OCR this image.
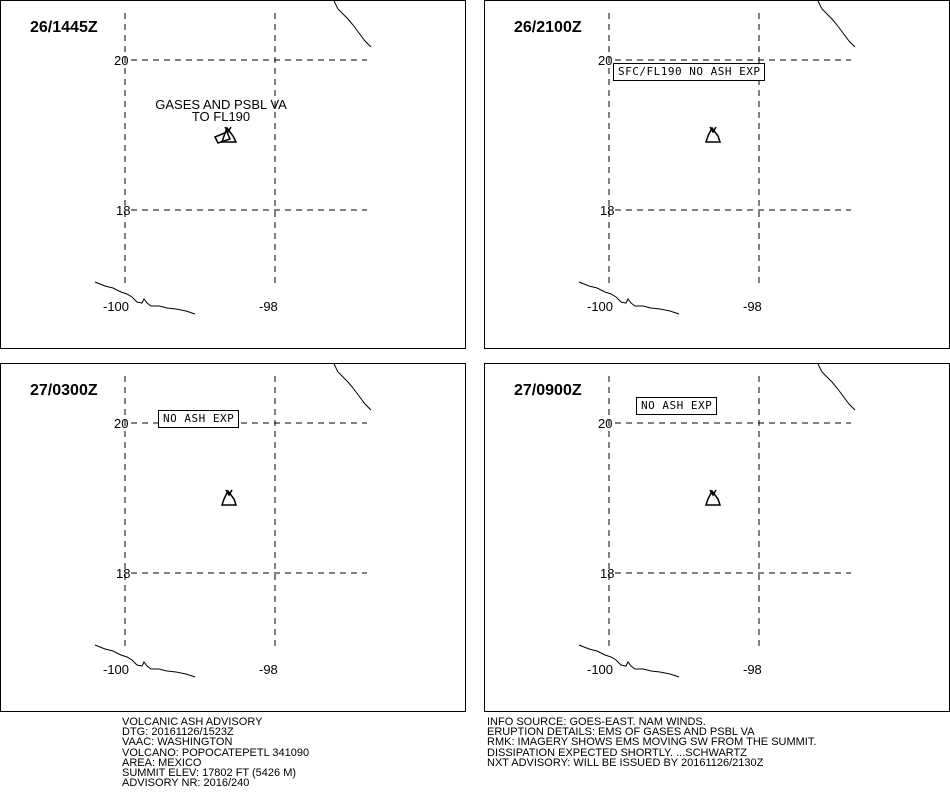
26/1445Z
20
18
-100	-98
GASES AND PSBL VA
TO FL190
26/2100Z
20
18
-100	-98
SFC/FL190 NO ASH EXP
27/0300Z
20
18
-100	-98
NO ASH EXP
27/0900Z
20
18
-100	-98
NO ASH EXP
VOLCANIC ASH ADVISORY
DTG: 20161126/1523Z
VAAC: WASHINGTON
VOLCANO: POPOCATEPETL 341090
AREA: MEXICO
SUMMIT ELEV: 17802 FT (5426 M)
ADVISORY NR: 2016/240
INFO SOURCE: GOES-EAST. NAM WINDS.
ERUPTION DETAILS: EMS OF GASES AND PSBL VA
RMK: IMAGERY SHOWS EMS MOVING SW FROM THE SUMMIT.
DISSIPATION EXPECTED SHORTLY. ...SCHWARTZ
NXT ADVISORY: WILL BE ISSUED BY 20161126/2130Z
